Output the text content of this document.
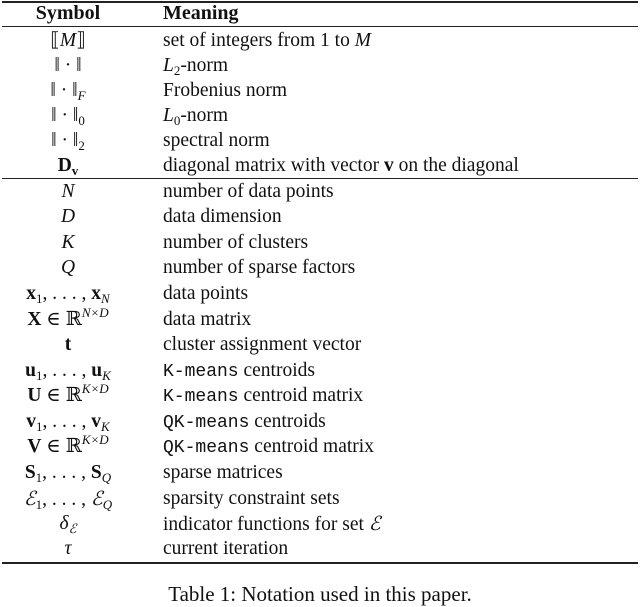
Symbol	Meaning
⟦M⟧	set of integers from 1 to M
‖ · ‖	$L_2$-norm
‖ · $‖_F$	Frobenius norm
‖ · $‖_0$	$L_0$-norm
‖ · $‖_2$	spectral norm
$D_v$	diagonal matrix with vector v on the diagonal
N	number of data points
D	data dimension
K	number of clusters
Q	number of sparse factors
$x_1$, . . . , $x_N$	data points
X ∈ ℝ$^{N\times D}$	data matrix
t	cluster assignment vector
$u_1$, . . . , $u_K$	K-means centroids
U ∈ ℝ$^{K\times D}$	K-means centroid matrix
$v_1$, . . . , $v_K$	QK-means centroids
V ∈ ℝ$^{K\times D}$	QK-means centroid matrix
$S_1$, . . . , $S_Q$	sparse matrices
ℰ$_1$, . . . , ℰ$_Q$	sparsity constraint sets
$\delta_ℰ$	indicator functions for set ℰ
τ	current iteration
Table 1: Notation used in this paper.
